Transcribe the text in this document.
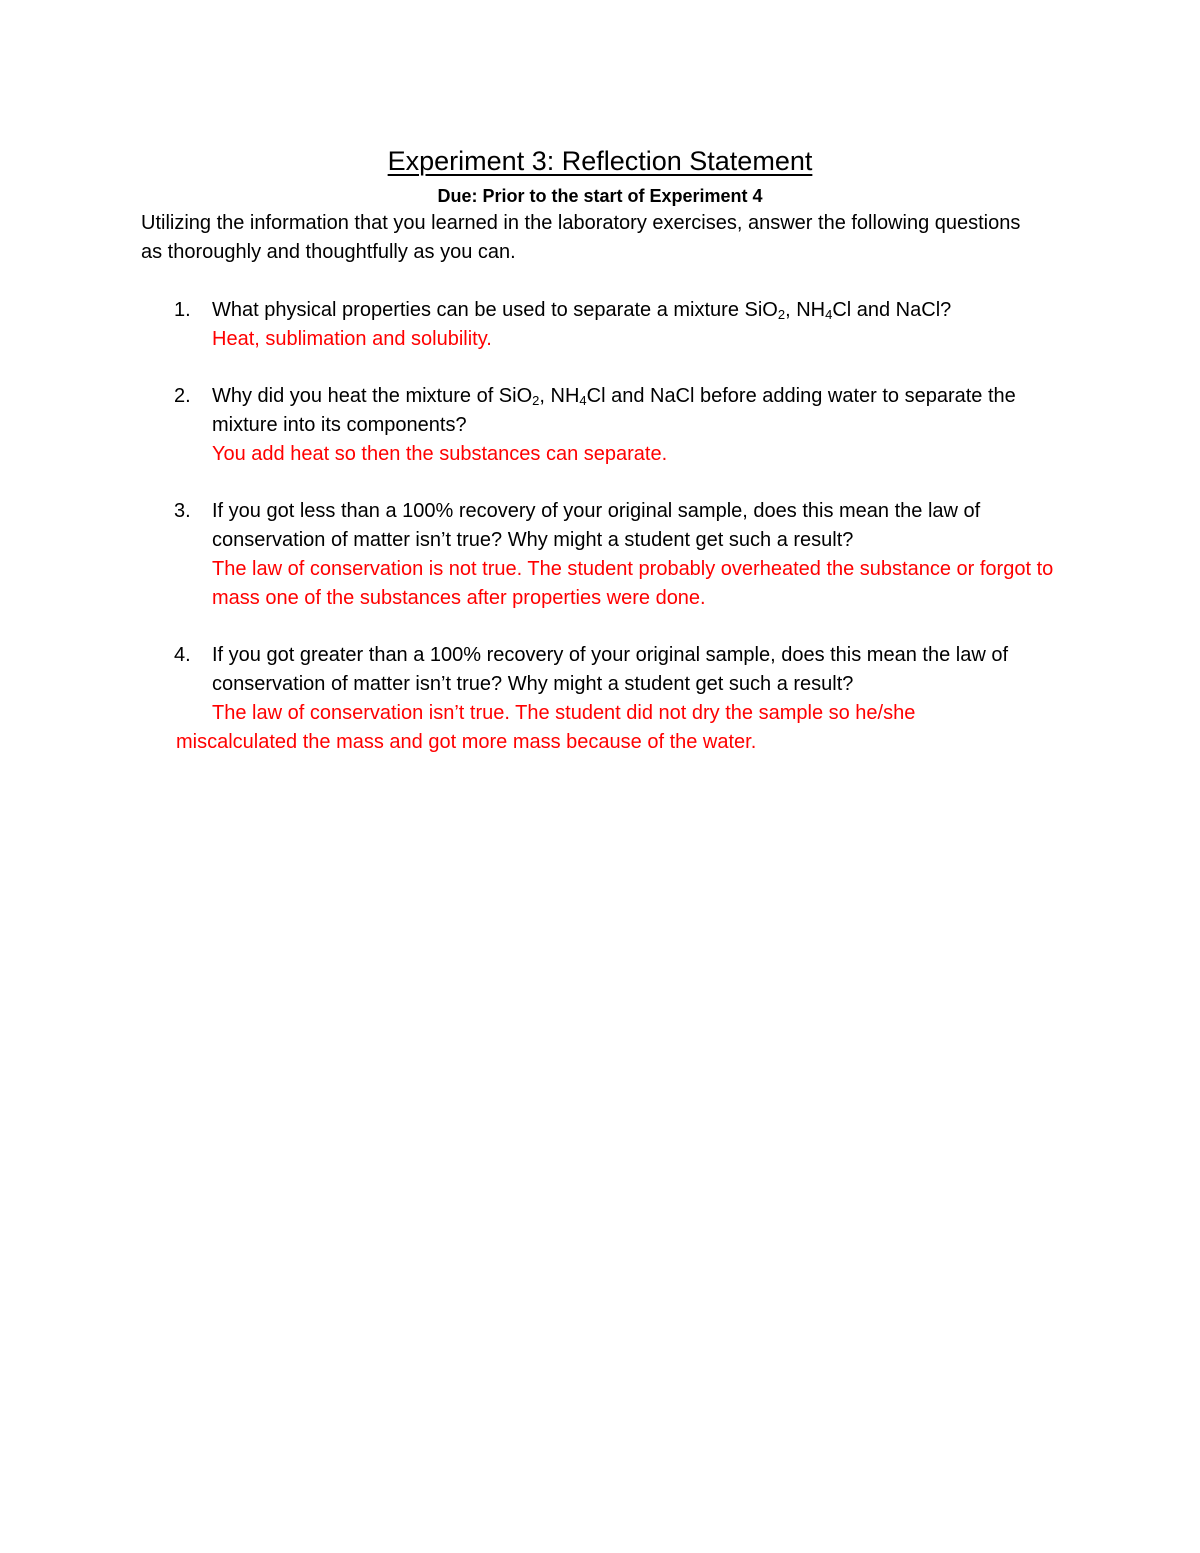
Experiment 3: Reflection Statement
Due: Prior to the start of Experiment 4
Utilizing the information that you learned in the laboratory exercises, answer the following questions as thoroughly and thoughtfully as you can.
1.	What physical properties can be used to separate a mixture SiO$_2$, $NH_4Cl$ and NaCl?
Heat, sublimation and solubility.
2.	Why did you heat the mixture of SiO$_2$, $NH_4Cl$ and NaCl before adding water to separate the mixture into its components?
You add heat so then the substances can separate.
3.	If you got less than a 100% recovery of your original sample, does this mean the law of conservation of matter isn’t true? Why might a student get such a result?
The law of conservation is not true. The student probably overheated the substance or forgot to mass one of the substances after properties were done.
4.	If you got greater than a 100% recovery of your original sample, does this mean the law of conservation of matter isn’t true? Why might a student get such a result?
The law of conservation isn’t true. The student did not dry the sample so he/she
miscalculated the mass and got more mass because of the water.
